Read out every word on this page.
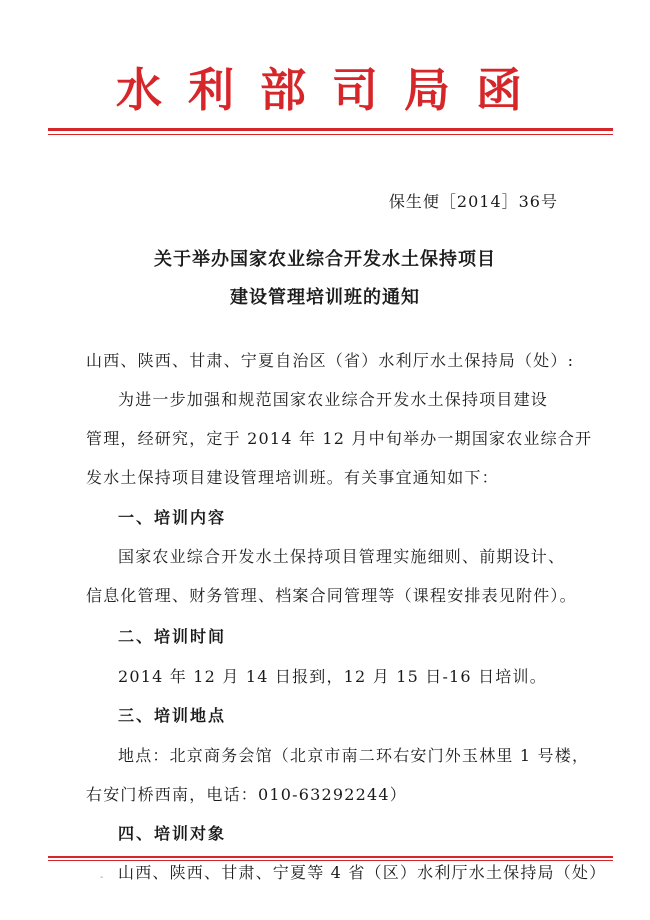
水利部司局函
保生便［2014］36号
关于举办国家农业综合开发水土保持项目
建设管理培训班的通知
山西、陕西、甘肃、宁夏自治区（省）水利厅水土保持局（处）:
为进一步加强和规范国家农业综合开发水土保持项目建设
管理，经研究，定于 2014 年 12 月中旬举办一期国家农业综合开
发水土保持项目建设管理培训班。有关事宜通知如下：
一、培训内容
国家农业综合开发水土保持项目管理实施细则、前期设计、
信息化管理、财务管理、档案合同管理等（课程安排表见附件）。
二、培训时间
2014 年 12 月 14 日报到，12 月 15 日-16 日培训。
三、培训地点
地点：北京商务会馆（北京市南二环右安门外玉林里 1 号楼，
右安门桥西南，电话：010-63292244）
四、培训对象
山西、陕西、甘肃、宁夏等 4 省（区）水利厅水土保持局（处）
-
